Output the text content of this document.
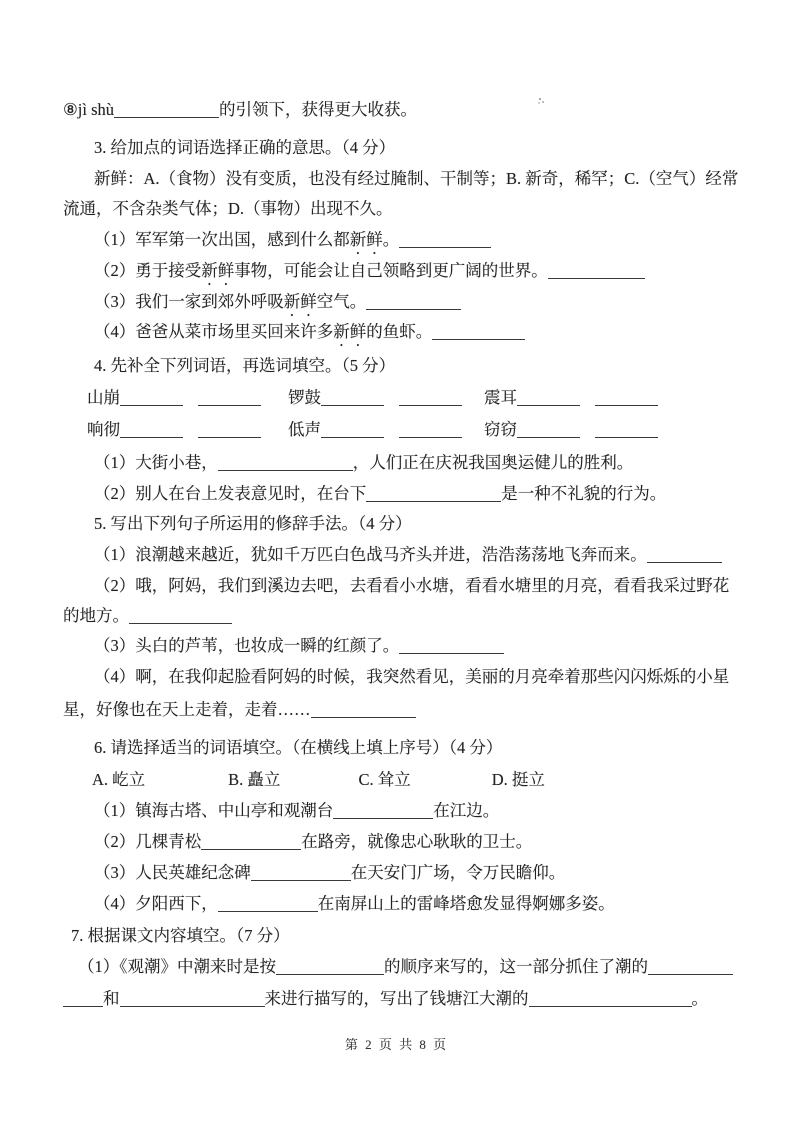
⑧jì shù	的引领下，获得更大收获。
3. 给加点的词语选择正确的意思。（4 分）
新鲜：A.（食物）没有变质，也没有经过腌制、干制等；B. 新奇，稀罕；C.（空气）经常
流通，不含杂类气体；D.（事物）出现不久。
（1）军军第一次出国，感到什么都新鲜。
（2）勇于接受新鲜事物，可能会让自己领略到更广阔的世界。
（3）我们一家到郊外呼吸新鲜空气。
（4）爸爸从菜市场里买回来许多新鲜的鱼虾。
4. 先补全下列词语，再选词填空。（5 分）
山崩	锣鼓	震耳
响彻	低声	窃窃
（1）大街小巷，	，人们正在庆祝我国奥运健儿的胜利。
（2）别人在台上发表意见时，在台下	是一种不礼貌的行为。
5. 写出下列句子所运用的修辞手法。（4 分）
（1）浪潮越来越近，犹如千万匹白色战马齐头并进，浩浩荡荡地飞奔而来。
（2）哦，阿妈，我们到溪边去吧，去看看小水塘，看看水塘里的月亮，看看我采过野花
的地方。
（3）头白的芦苇，也妆成一瞬的红颜了。
（4）啊，在我仰起脸看阿妈的时候，我突然看见，美丽的月亮牵着那些闪闪烁烁的小星
星，好像也在天上走着，走着……
6. 请选择适当的词语填空。（在横线上填上序号）（4 分）
A. 屹立	B. 矗立	C. 耸立	D. 挺立
（1）镇海古塔、中山亭和观潮台	在江边。
（2）几棵青松	在路旁，就像忠心耿耿的卫士。
（3）人民英雄纪念碑	在天安门广场，令万民瞻仰。
（4）夕阳西下，	在南屏山上的雷峰塔愈发显得婀娜多姿。
7. 根据课文内容填空。（7 分）
（1）《观潮》中潮来时是按	的顺序来写的，这一部分抓住了潮的
和	来进行描写的，写出了钱塘江大潮的	。
第 2 页 共 8 页
